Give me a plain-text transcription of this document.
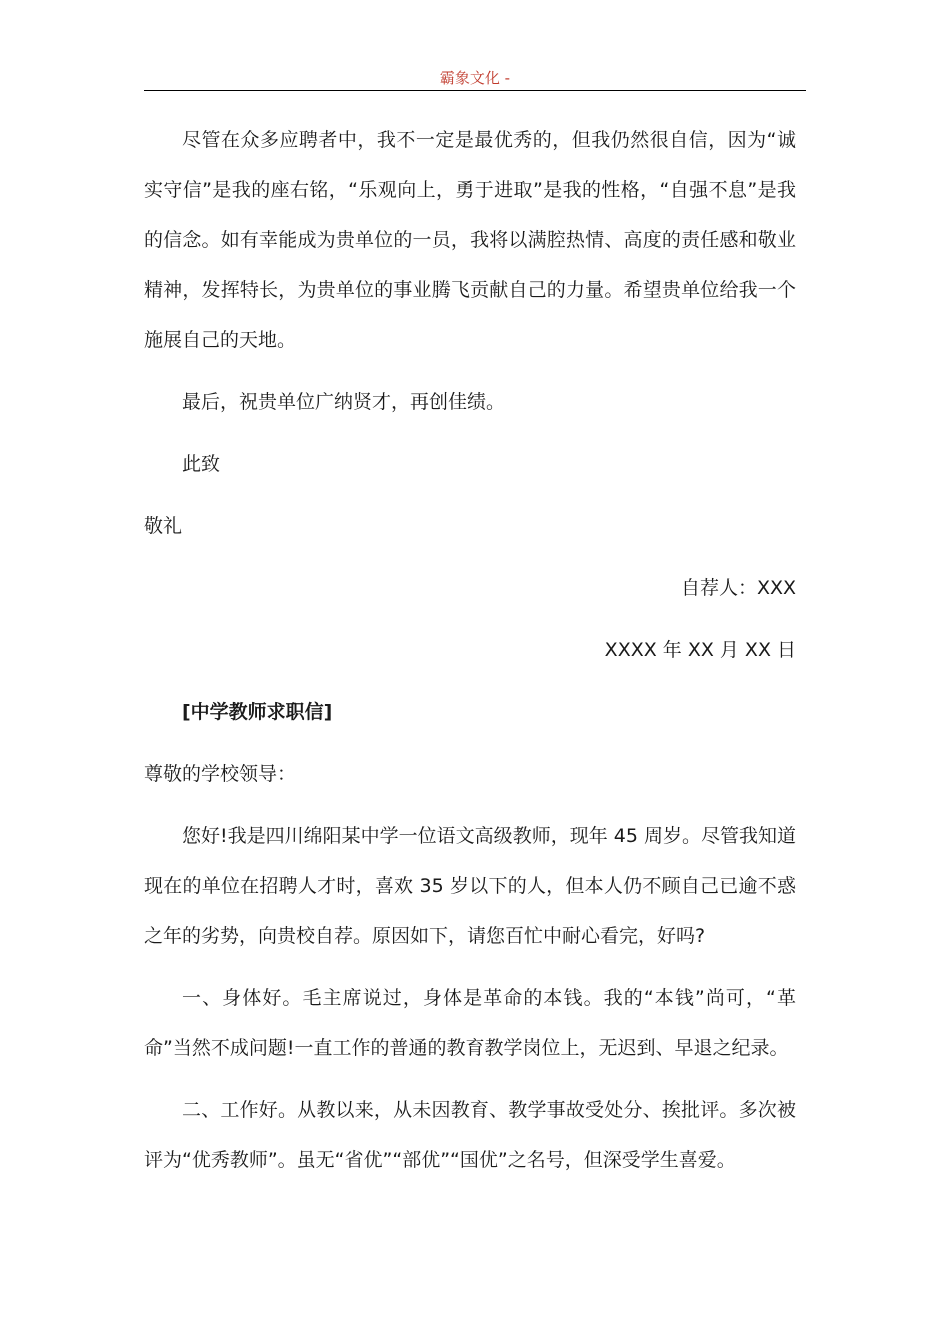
霸象文化 -

尽管在众多应聘者中，我不一定是最优秀的，但我仍然很自信，因为“诚实守信”是我的座右铭，“乐观向上，勇于进取”是我的性格，“自强不息”是我的信念。如有幸能成为贵单位的一员，我将以满腔热情、高度的责任感和敬业精神，发挥特长，为贵单位的事业腾飞贡献自己的力量。希望贵单位给我一个施展自己的天地。

最后，祝贵单位广纳贤才，再创佳绩。

此致

敬礼

自荐人：XXX

XXXX 年 XX 月 XX 日

[中学教师求职信]

尊敬的学校领导：

您好!我是四川绵阳某中学一位语文高级教师，现年 45 周岁。尽管我知道现在的单位在招聘人才时，喜欢 35 岁以下的人，但本人仍不顾自己已逾不惑之年的劣势，向贵校自荐。原因如下，请您百忙中耐心看完，好吗?

一、身体好。毛主席说过，身体是革命的本钱。我的“本钱”尚可，“革命”当然不成问题!一直工作的普通的教育教学岗位上，无迟到、早退之纪录。

二、工作好。从教以来，从未因教育、教学事故受处分、挨批评。多次被评为“优秀教师”。虽无“省优”“部优”“国优”之名号，但深受学生喜爱。
